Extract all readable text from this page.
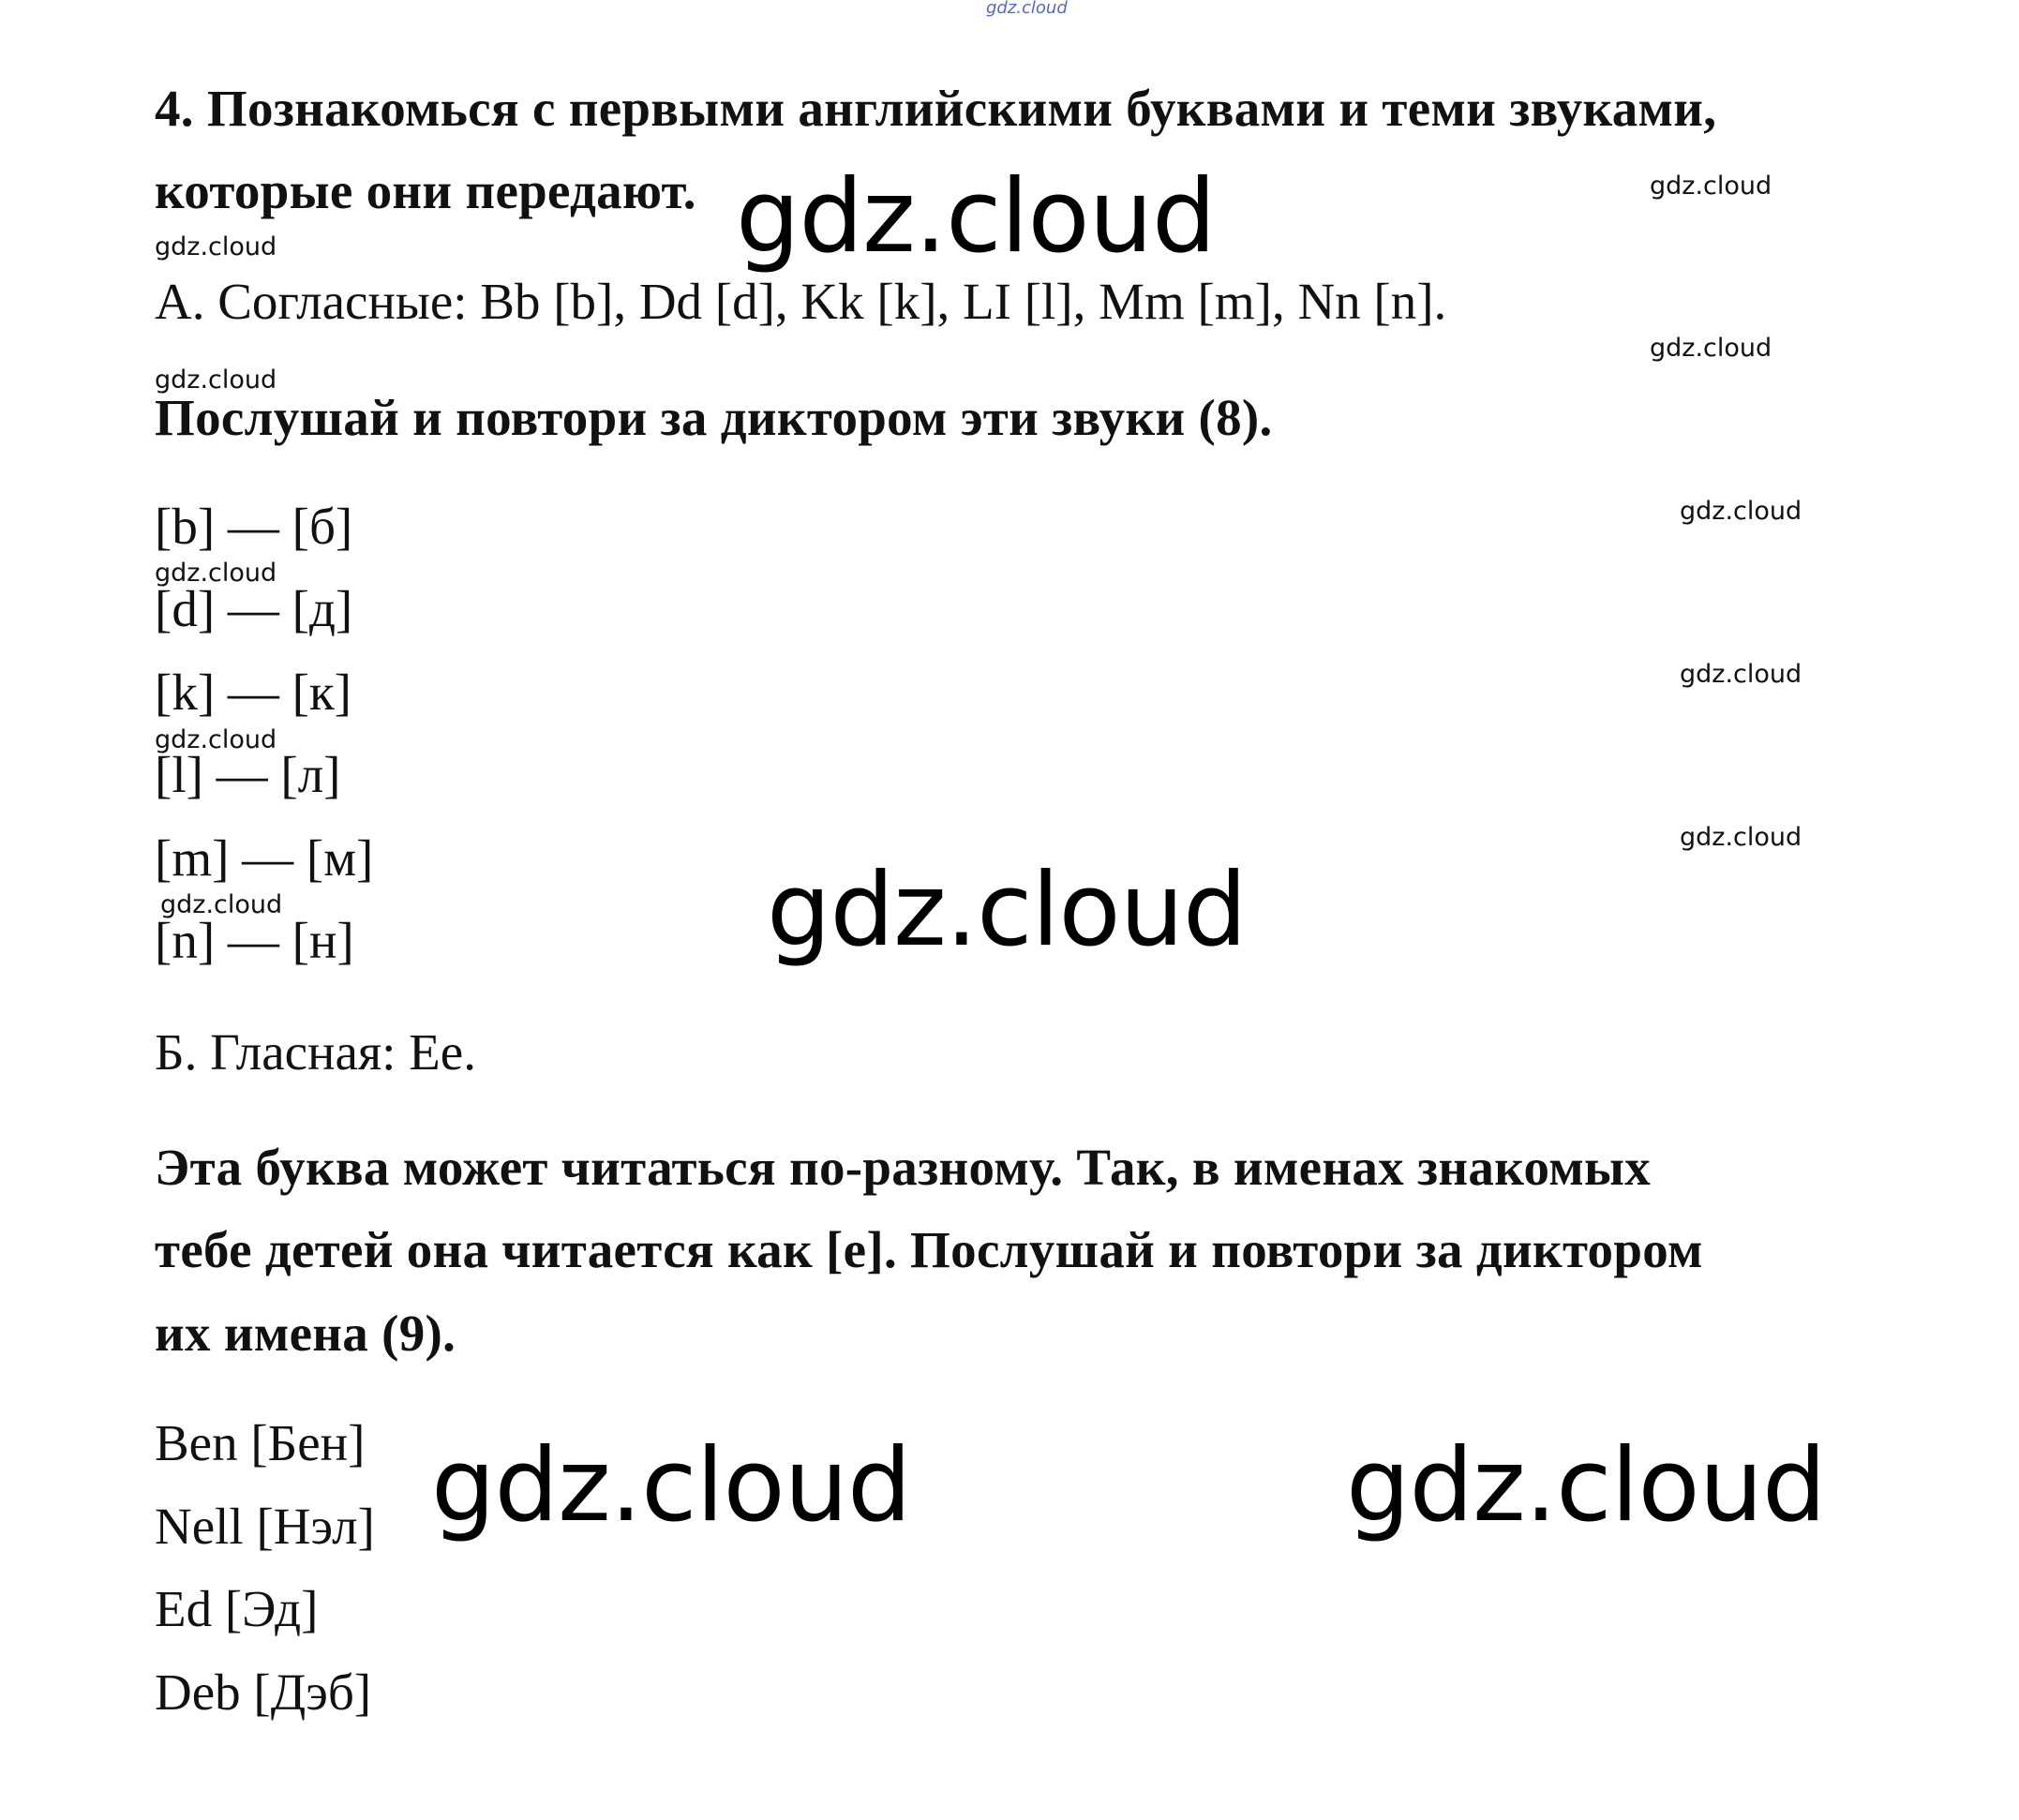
gdz.cloud
4. Познакомься с первыми английскими буквами и теми звуками,
которые они передают.
А. Согласные: Bb [b], Dd [d], Kk [k], LI [l], Mm [m], Nn [n].
Послушай и повтори за диктором эти звуки (8).
[b] — [б]
[d] — [д]
[k] — [к]
[l] — [л]
[m] — [м]
[n] — [н]
Б. Гласная: Ee.
Эта буква может читаться по-разному. Так, в именах знакомых
тебе детей она читается как [e]. Послушай и повтори за диктором
их имена (9).
Ben [Бен]
Nell [Нэл]
Ed [Эд]
Deb [Дэб]
gdz.cloud
gdz.cloud
gdz.cloud	gdz.cloud
gdz.cloud
gdz.cloud
gdz.cloud
gdz.cloud
gdz.cloud
gdz.cloud
gdz.cloud
gdz.cloud
gdz.cloud
gdz.cloud
